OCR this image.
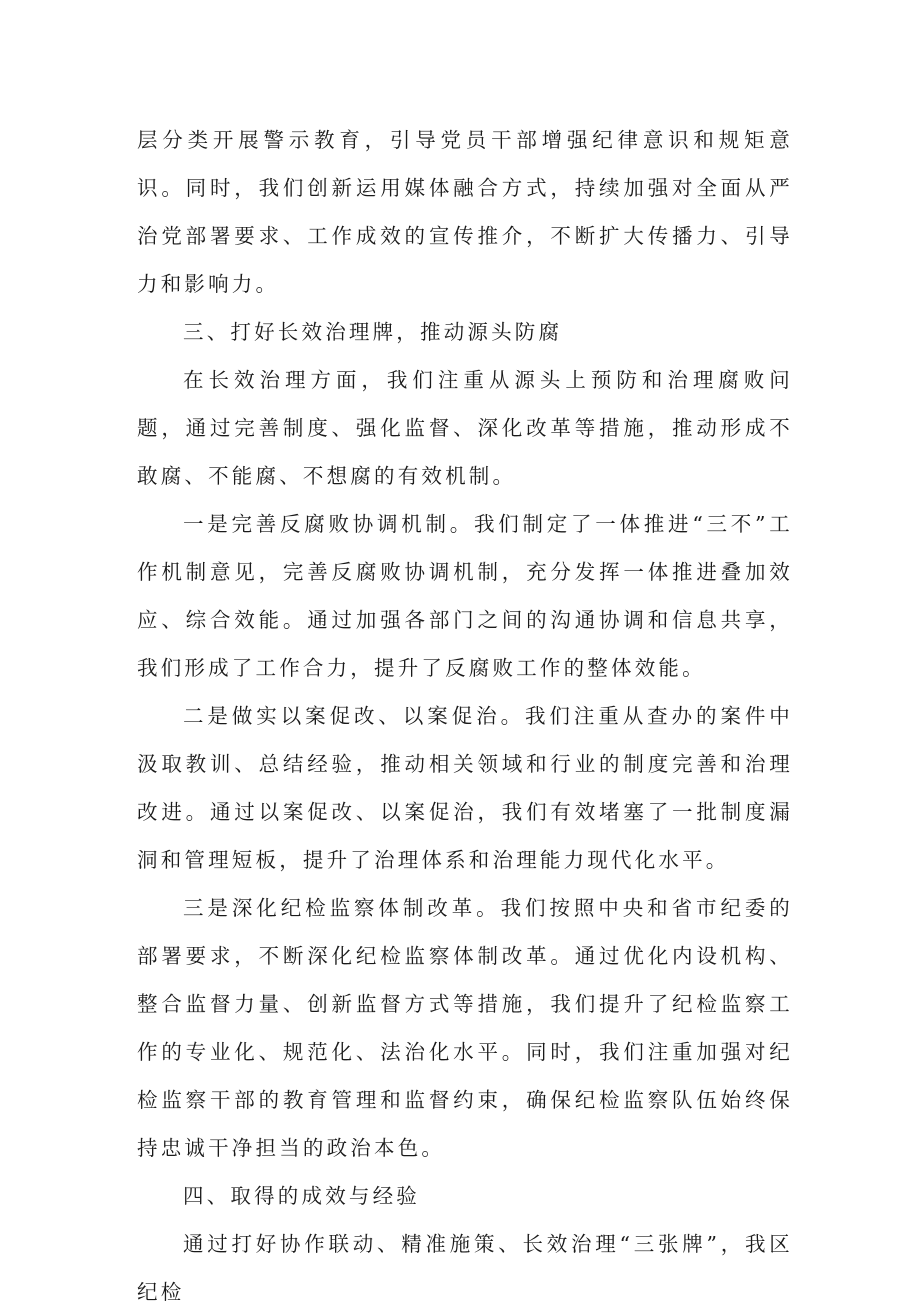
层分类开展警示教育，引导党员干部增强纪律意识和规矩意识。同时，我们创新运用媒体融合方式，持续加强对全面从严治党部署要求、工作成效的宣传推介，不断扩大传播力、引导力和影响力。

三、打好长效治理牌，推动源头防腐

在长效治理方面，我们注重从源头上预防和治理腐败问题，通过完善制度、强化监督、深化改革等措施，推动形成不敢腐、不能腐、不想腐的有效机制。

一是完善反腐败协调机制。我们制定了一体推进“三不”工作机制意见，完善反腐败协调机制，充分发挥一体推进叠加效应、综合效能。通过加强各部门之间的沟通协调和信息共享，我们形成了工作合力，提升了反腐败工作的整体效能。

二是做实以案促改、以案促治。我们注重从查办的案件中汲取教训、总结经验，推动相关领域和行业的制度完善和治理改进。通过以案促改、以案促治，我们有效堵塞了一批制度漏洞和管理短板，提升了治理体系和治理能力现代化水平。

三是深化纪检监察体制改革。我们按照中央和省市纪委的部署要求，不断深化纪检监察体制改革。通过优化内设机构、整合监督力量、创新监督方式等措施，我们提升了纪检监察工作的专业化、规范化、法治化水平。同时，我们注重加强对纪检监察干部的教育管理和监督约束，确保纪检监察队伍始终保持忠诚干净担当的政治本色。

四、取得的成效与经验

通过打好协作联动、精准施策、长效治理“三张牌”，我区纪检
